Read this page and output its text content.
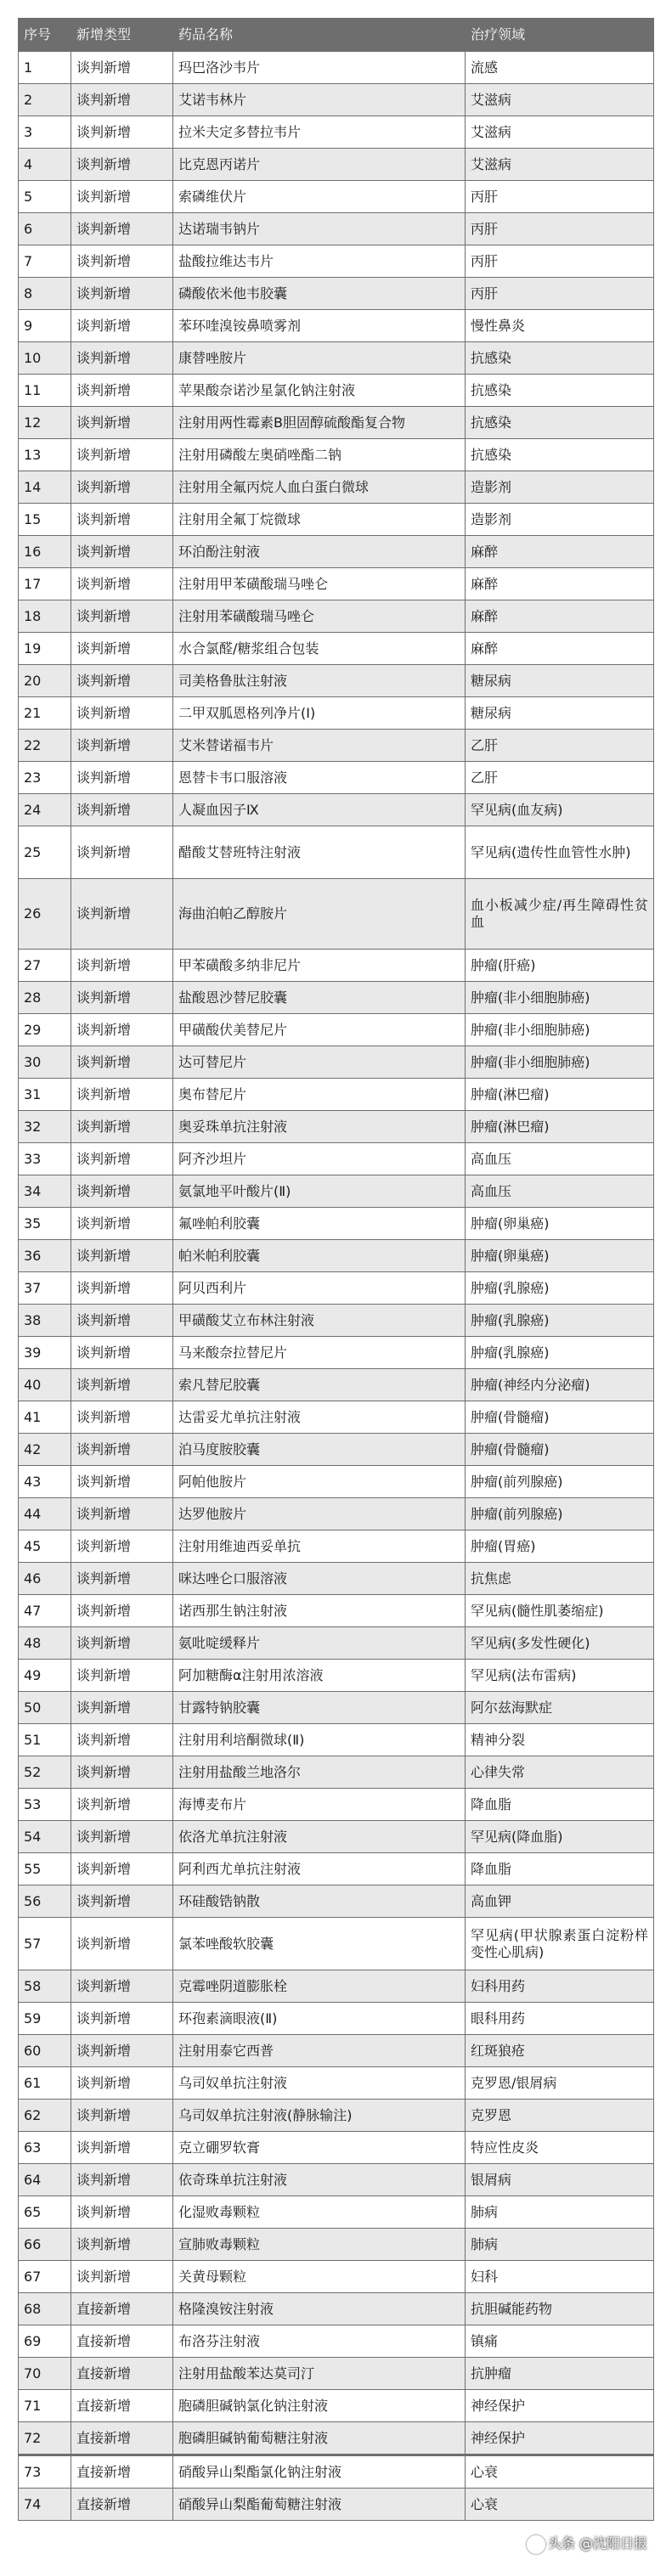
序号	新增类型	药品名称	治疗领域
1	谈判新增	玛巴洛沙韦片	流感
2	谈判新增	艾诺韦林片	艾滋病
3	谈判新增	拉米夫定多替拉韦片	艾滋病
4	谈判新增	比克恩丙诺片	艾滋病
5	谈判新增	索磷维伏片	丙肝
6	谈判新增	达诺瑞韦钠片	丙肝
7	谈判新增	盐酸拉维达韦片	丙肝
8	谈判新增	磷酸依米他韦胶囊	丙肝
9	谈判新增	苯环喹溴铵鼻喷雾剂	慢性鼻炎
10	谈判新增	康替唑胺片	抗感染
11	谈判新增	苹果酸奈诺沙星氯化钠注射液	抗感染
12	谈判新增	注射用两性霉素B胆固醇硫酸酯复合物	抗感染
13	谈判新增	注射用磷酸左奥硝唑酯二钠	抗感染
14	谈判新增	注射用全氟丙烷人血白蛋白微球	造影剂
15	谈判新增	注射用全氟丁烷微球	造影剂
16	谈判新增	环泊酚注射液	麻醉
17	谈判新增	注射用甲苯磺酸瑞马唑仑	麻醉
18	谈判新增	注射用苯磺酸瑞马唑仑	麻醉
19	谈判新增	水合氯醛/糖浆组合包装	麻醉
20	谈判新增	司美格鲁肽注射液	糖尿病
21	谈判新增	二甲双胍恩格列净片(Ⅰ)	糖尿病
22	谈判新增	艾米替诺福韦片	乙肝
23	谈判新增	恩替卡韦口服溶液	乙肝
24	谈判新增	人凝血因子Ⅸ	罕见病(血友病)
25	谈判新增	醋酸艾替班特注射液	罕见病(遗传性血管性水肿)
26	谈判新增	海曲泊帕乙醇胺片	血小板减少症/再生障碍性贫血
27	谈判新增	甲苯磺酸多纳非尼片	肿瘤(肝癌)
28	谈判新增	盐酸恩沙替尼胶囊	肿瘤(非小细胞肺癌)
29	谈判新增	甲磺酸伏美替尼片	肿瘤(非小细胞肺癌)
30	谈判新增	达可替尼片	肿瘤(非小细胞肺癌)
31	谈判新增	奥布替尼片	肿瘤(淋巴瘤)
32	谈判新增	奥妥珠单抗注射液	肿瘤(淋巴瘤)
33	谈判新增	阿齐沙坦片	高血压
34	谈判新增	氨氯地平叶酸片(Ⅱ)	高血压
35	谈判新增	氟唑帕利胶囊	肿瘤(卵巢癌)
36	谈判新增	帕米帕利胶囊	肿瘤(卵巢癌)
37	谈判新增	阿贝西利片	肿瘤(乳腺癌)
38	谈判新增	甲磺酸艾立布林注射液	肿瘤(乳腺癌)
39	谈判新增	马来酸奈拉替尼片	肿瘤(乳腺癌)
40	谈判新增	索凡替尼胶囊	肿瘤(神经内分泌瘤)
41	谈判新增	达雷妥尤单抗注射液	肿瘤(骨髓瘤)
42	谈判新增	泊马度胺胶囊	肿瘤(骨髓瘤)
43	谈判新增	阿帕他胺片	肿瘤(前列腺癌)
44	谈判新增	达罗他胺片	肿瘤(前列腺癌)
45	谈判新增	注射用维迪西妥单抗	肿瘤(胃癌)
46	谈判新增	咪达唑仑口服溶液	抗焦虑
47	谈判新增	诺西那生钠注射液	罕见病(髓性肌萎缩症)
48	谈判新增	氨吡啶缓释片	罕见病(多发性硬化)
49	谈判新增	阿加糖酶α注射用浓溶液	罕见病(法布雷病)
50	谈判新增	甘露特钠胶囊	阿尔兹海默症
51	谈判新增	注射用利培酮微球(Ⅱ)	精神分裂
52	谈判新增	注射用盐酸兰地洛尔	心律失常
53	谈判新增	海博麦布片	降血脂
54	谈判新增	依洛尤单抗注射液	罕见病(降血脂)
55	谈判新增	阿利西尤单抗注射液	降血脂
56	谈判新增	环硅酸锆钠散	高血钾
57	谈判新增	氯苯唑酸软胶囊	罕见病(甲状腺素蛋白淀粉样变性心肌病)
58	谈判新增	克霉唑阴道膨胀栓	妇科用药
59	谈判新增	环孢素滴眼液(Ⅱ)	眼科用药
60	谈判新增	注射用泰它西普	红斑狼疮
61	谈判新增	乌司奴单抗注射液	克罗恩/银屑病
62	谈判新增	乌司奴单抗注射液(静脉输注)	克罗恩
63	谈判新增	克立硼罗软膏	特应性皮炎
64	谈判新增	依奇珠单抗注射液	银屑病
65	谈判新增	化湿败毒颗粒	肺病
66	谈判新增	宣肺败毒颗粒	肺病
67	谈判新增	关黄母颗粒	妇科
68	直接新增	格隆溴铵注射液	抗胆碱能药物
69	直接新增	布洛芬注射液	镇痛
70	直接新增	注射用盐酸苯达莫司汀	抗肿瘤
71	直接新增	胞磷胆碱钠氯化钠注射液	神经保护
72	直接新增	胞磷胆碱钠葡萄糖注射液	神经保护
73	直接新增	硝酸异山梨酯氯化钠注射液	心衰
74	直接新增	硝酸异山梨酯葡萄糖注射液	心衰
头条 @沈阳日报
